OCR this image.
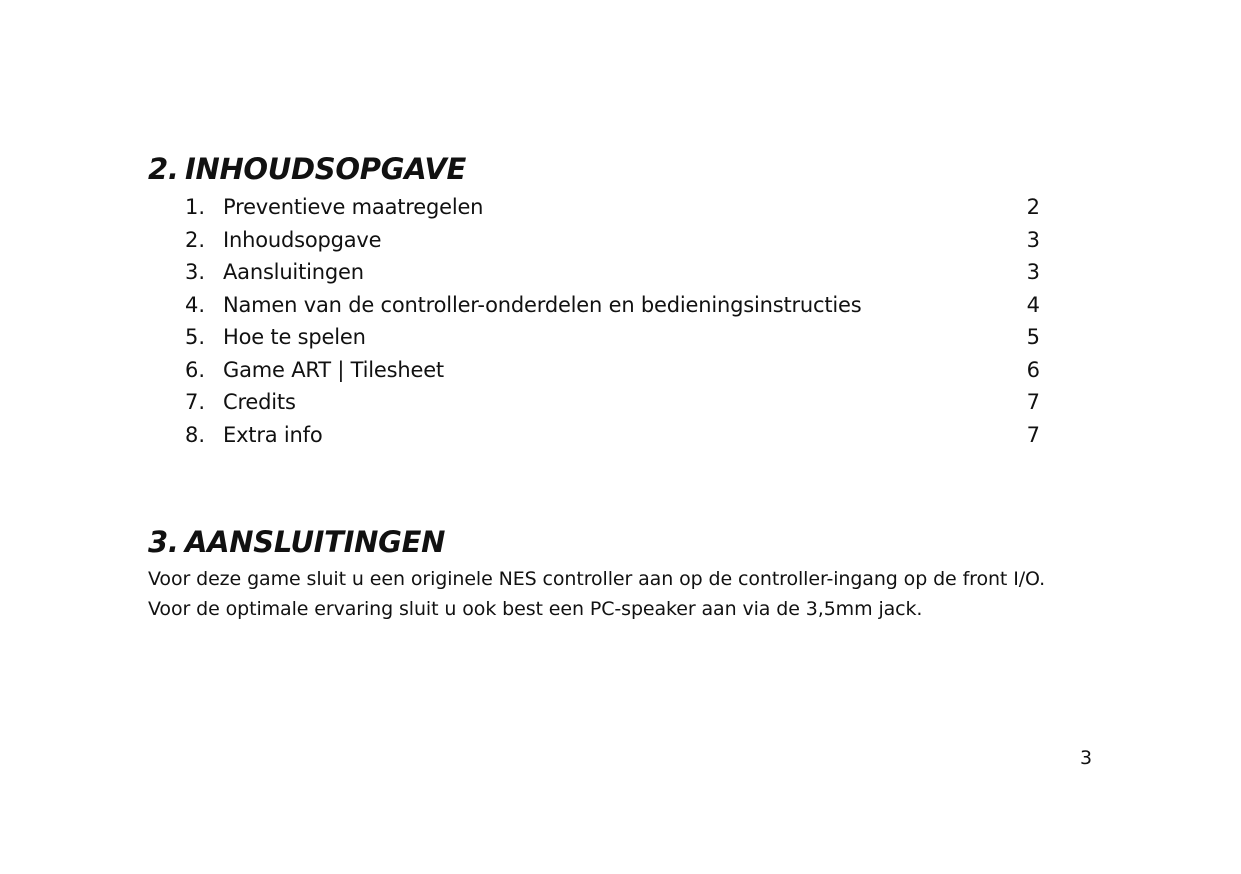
2. INHOUDSOPGAVE
1. Preventieve maatregelen	2
2. Inhoudsopgave	3
3. Aansluitingen	3
4. Namen van de controller-onderdelen en bedieningsinstructies	4
5. Hoe te spelen	5
6. Game ART | Tilesheet	6
7. Credits	7
8. Extra info	7
3. AANSLUITINGEN

Voor deze game sluit u een originele NES controller aan op de controller-ingang op de front I/O.
Voor de optimale ervaring sluit u ook best een PC-speaker aan via de 3,5mm jack.

3
